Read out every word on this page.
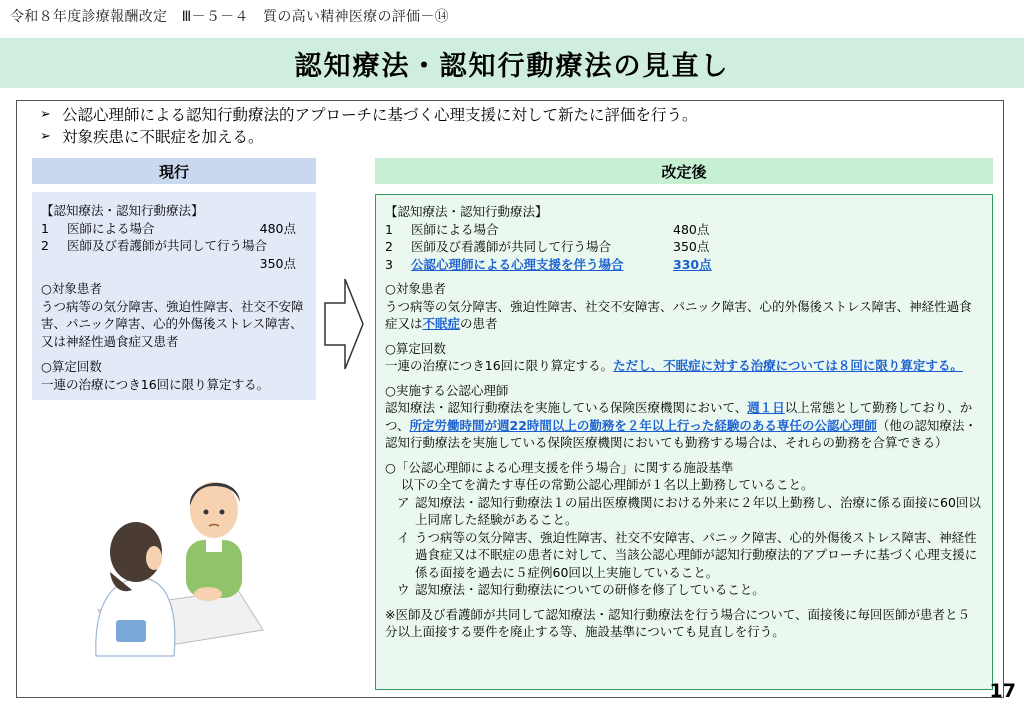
令和８年度診療報酬改定　Ⅲ－５－４　質の高い精神医療の評価－⑭
認知療法・認知行動療法の見直し
➢ 公認心理師による認知行動療法的アプローチに基づく心理支援に対して新たに評価を行う。
➢ 対象疾患に不眠症を加える。
現行
【認知療法・認知行動療法】
1	医師による場合	480点
2	医師及び看護師が共同して行う場合
350点
○対象患者
うつ病等の気分障害、強迫性障害、社交不安障害、パニック障害、心的外傷後ストレス障害、又は神経性過食症又患者
○算定回数
一連の治療につき16回に限り算定する。
改定後
【認知療法・認知行動療法】
1	医師による場合	480点
2	医師及び看護師が共同して行う場合	350点
3	公認心理師による心理支援を伴う場合	330点
○対象患者
うつ病等の気分障害、強迫性障害、社交不安障害、パニック障害、心的外傷後ストレス障害、神経性過食症又は不眠症の患者
○算定回数
一連の治療につき16回に限り算定する。ただし、不眠症に対する治療については８回に限り算定する。
○実施する公認心理師
認知療法・認知行動療法を実施している保険医療機関において、週１日以上常態として勤務しており、かつ、所定労働時間が週22時間以上の勤務を２年以上行った経験のある専任の公認心理師（他の認知療法・認知行動療法を実施している保険医療機関においても勤務する場合は、それらの勤務を合算できる）
○「公認心理師による心理支援を伴う場合」に関する施設基準
以下の全てを満たす専任の常勤公認心理師が１名以上勤務していること。
ア 認知療法・認知行動療法１の届出医療機関における外来に２年以上勤務し、治療に係る面接に60回以上同席した経験があること。
イ うつ病等の気分障害、強迫性障害、社交不安障害、パニック障害、心的外傷後ストレス障害、神経性過食症又は不眠症の患者に対して、当該公認心理師が認知行動療法的アプローチに基づく心理支援に係る面接を過去に５症例60回以上実施していること。
ウ 認知療法・認知行動療法についての研修を修了していること。
※医師及び看護師が共同して認知療法・認知行動療法を行う場合について、面接後に毎回医師が患者と５分以上面接する要件を廃止する等、施設基準についても見直しを行う。
17
